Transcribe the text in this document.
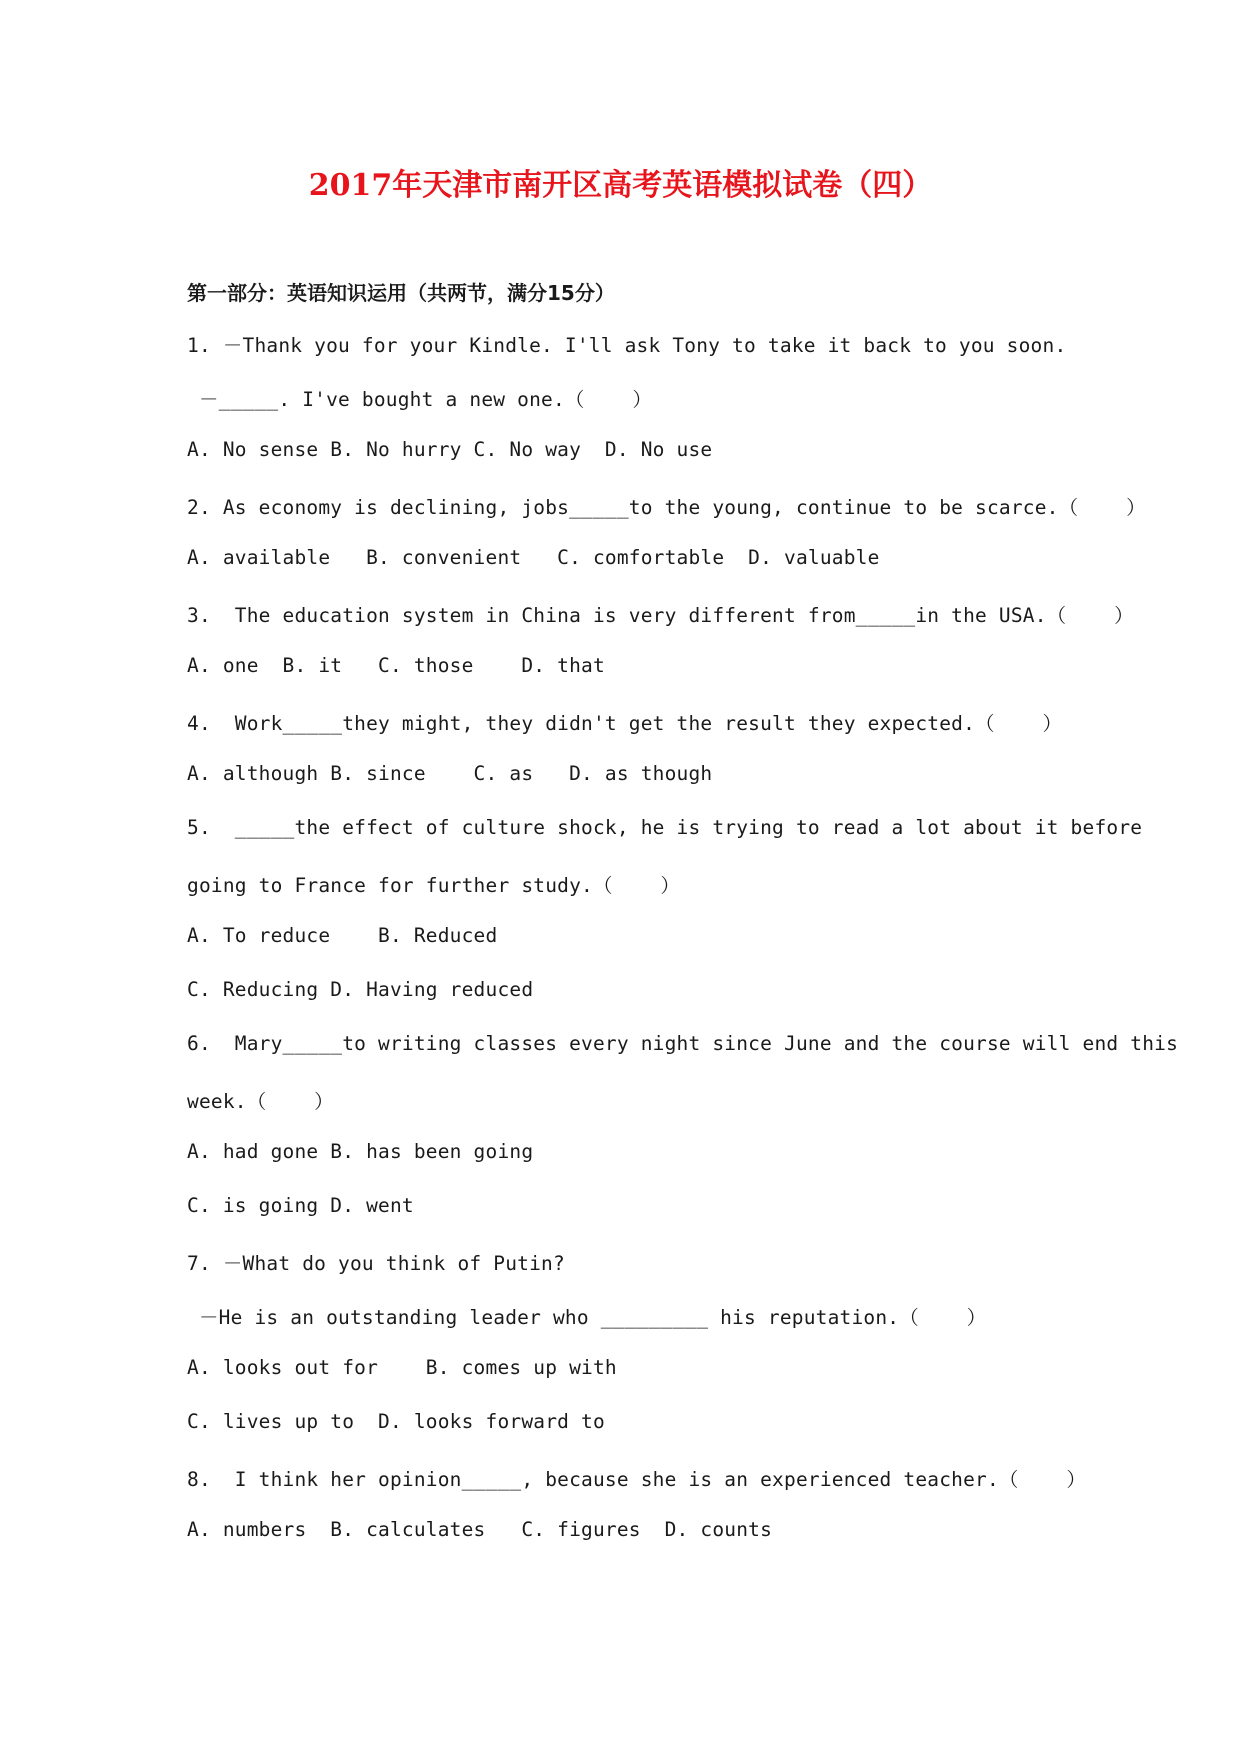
2017年天津市南开区高考英语模拟试卷（四）
第一部分：英语知识运用（共两节，满分15分）
1. －Thank you for your Kindle. I'll ask Tony to take it back to you soon.
－_____. I've bought a new one.（    ）
A. No sense B. No hurry C. No way  D. No use
2. As economy is declining, jobs_____to the young, continue to be scarce.（    ）
A. available   B. convenient   C. comfortable  D. valuable
3.  The education system in China is very different from_____in the USA.（    ）
A. one  B. it   C. those    D. that
4.  Work_____they might, they didn't get the result they expected.（    ）
A. although B. since    C. as   D. as though
5.  _____the effect of culture shock, he is trying to read a lot about it before
going to France for further study.（    ）
A. To reduce    B. Reduced
C. Reducing D. Having reduced
6.  Mary_____to writing classes every night since June and the course will end this
week.（    ）
A. had gone B. has been going
C. is going D. went
7. －What do you think of Putin?
－He is an outstanding leader who _________ his reputation.（    ）
A. looks out for    B. comes up with
C. lives up to  D. looks forward to
8.  I think her opinion_____, because she is an experienced teacher.（    ）
A. numbers  B. calculates   C. figures  D. counts
